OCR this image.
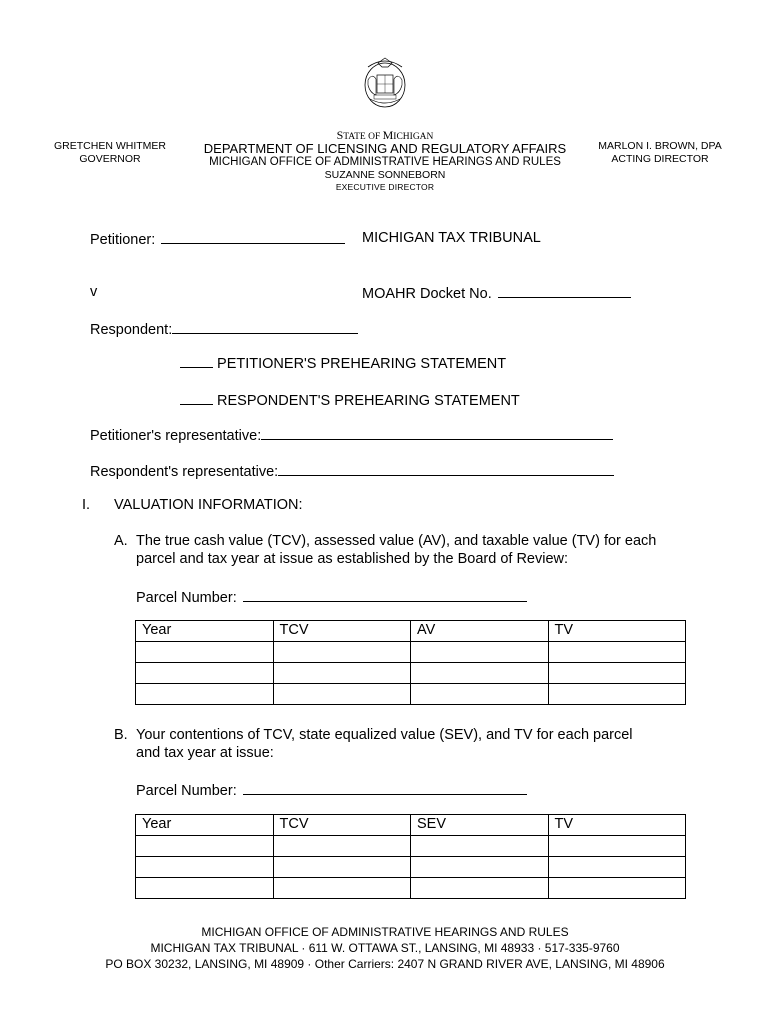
GRETCHEN WHITMER
GOVERNOR
STATE OF MICHIGAN
DEPARTMENT OF LICENSING AND REGULATORY AFFAIRS
MICHIGAN OFFICE OF ADMINISTRATIVE HEARINGS AND RULES
SUZANNE SONNEBORN
EXECUTIVE DIRECTOR
MARLON I. BROWN, DPA
ACTING DIRECTOR
Petitioner:	MICHIGAN TAX TRIBUNAL
v	MOAHR Docket No.
Respondent:
PETITIONER'S PREHEARING STATEMENT
RESPONDENT'S PREHEARING STATEMENT
Petitioner's representative:
Respondent's representative:
I. VALUATION INFORMATION:
A. The true cash value (TCV), assessed value (AV), and taxable value (TV) for each
parcel and tax year at issue as established by the Board of Review:
Parcel Number:
Year	TCV	AV	TV

B. Your contentions of TCV, state equalized value (SEV), and TV for each parcel
and tax year at issue:
Parcel Number:
Year	TCV	SEV	TV

MICHIGAN OFFICE OF ADMINISTRATIVE HEARINGS AND RULES
MICHIGAN TAX TRIBUNAL · 611 W. OTTAWA ST., LANSING, MI 48933 · 517-335-9760
PO BOX 30232, LANSING, MI 48909 · Other Carriers: 2407 N GRAND RIVER AVE, LANSING, MI 48906
